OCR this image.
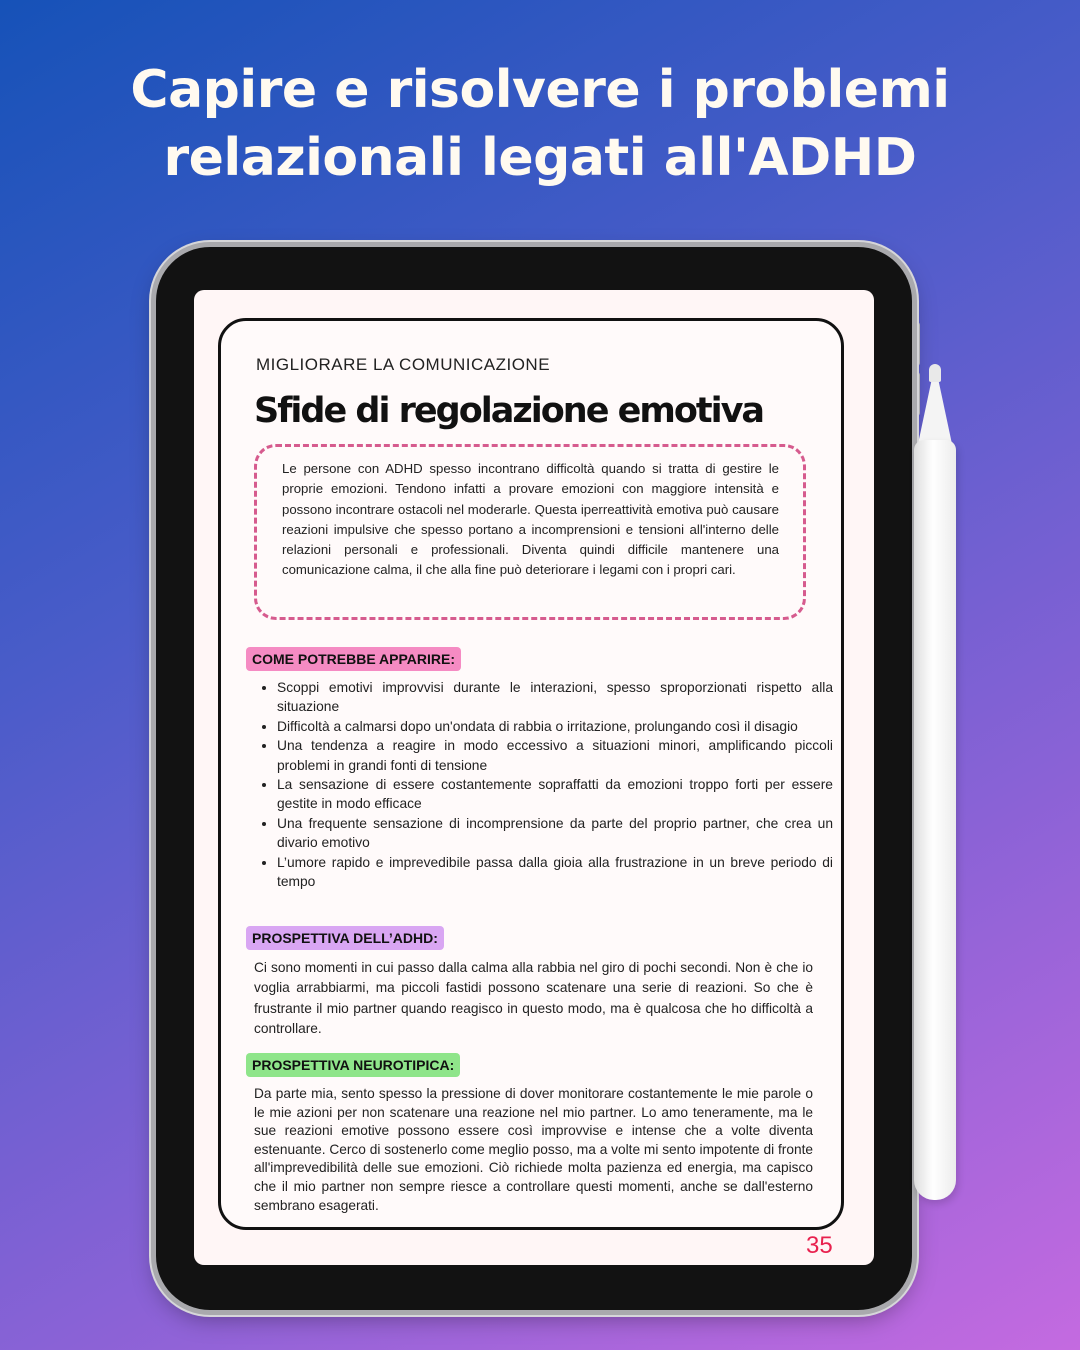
Capire e risolvere i problemi
relazionali legati all'ADHD
MIGLIORARE LA COMUNICAZIONE
Sfide di regolazione emotiva

Le persone con ADHD spesso incontrano difficoltà quando si tratta di gestire le proprie emozioni. Tendono infatti a provare emozioni con maggiore intensità e possono incontrare ostacoli nel moderarle. Questa iperreattività emotiva può causare reazioni impulsive che spesso portano a incomprensioni e tensioni all'interno delle relazioni personali e professionali. Diventa quindi difficile mantenere una comunicazione calma, il che alla fine può deteriorare i legami con i propri cari.

COME POTREBBE APPARIRE:
• Scoppi emotivi improvvisi durante le interazioni, spesso sproporzionati rispetto alla situazione
• Difficoltà a calmarsi dopo un'ondata di rabbia o irritazione, prolungando così il disagio
• Una tendenza a reagire in modo eccessivo a situazioni minori, amplificando piccoli problemi in grandi fonti di tensione
• La sensazione di essere costantemente sopraffatti da emozioni troppo forti per essere gestite in modo efficace
• Una frequente sensazione di incomprensione da parte del proprio partner, che crea un divario emotivo
• L’umore rapido e imprevedibile passa dalla gioia alla frustrazione in un breve periodo di tempo
PROSPETTIVA DELL’ADHD:

Ci sono momenti in cui passo dalla calma alla rabbia nel giro di pochi secondi. Non è che io voglia arrabbiarmi, ma piccoli fastidi possono scatenare una serie di reazioni. So che è frustrante il mio partner quando reagisco in questo modo, ma è qualcosa che ho difficoltà a controllare.

PROSPETTIVA NEUROTIPICA:

Da parte mia, sento spesso la pressione di dover monitorare costantemente le mie parole o le mie azioni per non scatenare una reazione nel mio partner. Lo amo teneramente, ma le sue reazioni emotive possono essere così improvvise e intense che a volte diventa estenuante. Cerco di sostenerlo come meglio posso, ma a volte mi sento impotente di fronte all'imprevedibilità delle sue emozioni. Ciò richiede molta pazienza ed energia, ma capisco che il mio partner non sempre riesce a controllare questi momenti, anche se dall'esterno sembrano esagerati.

35
